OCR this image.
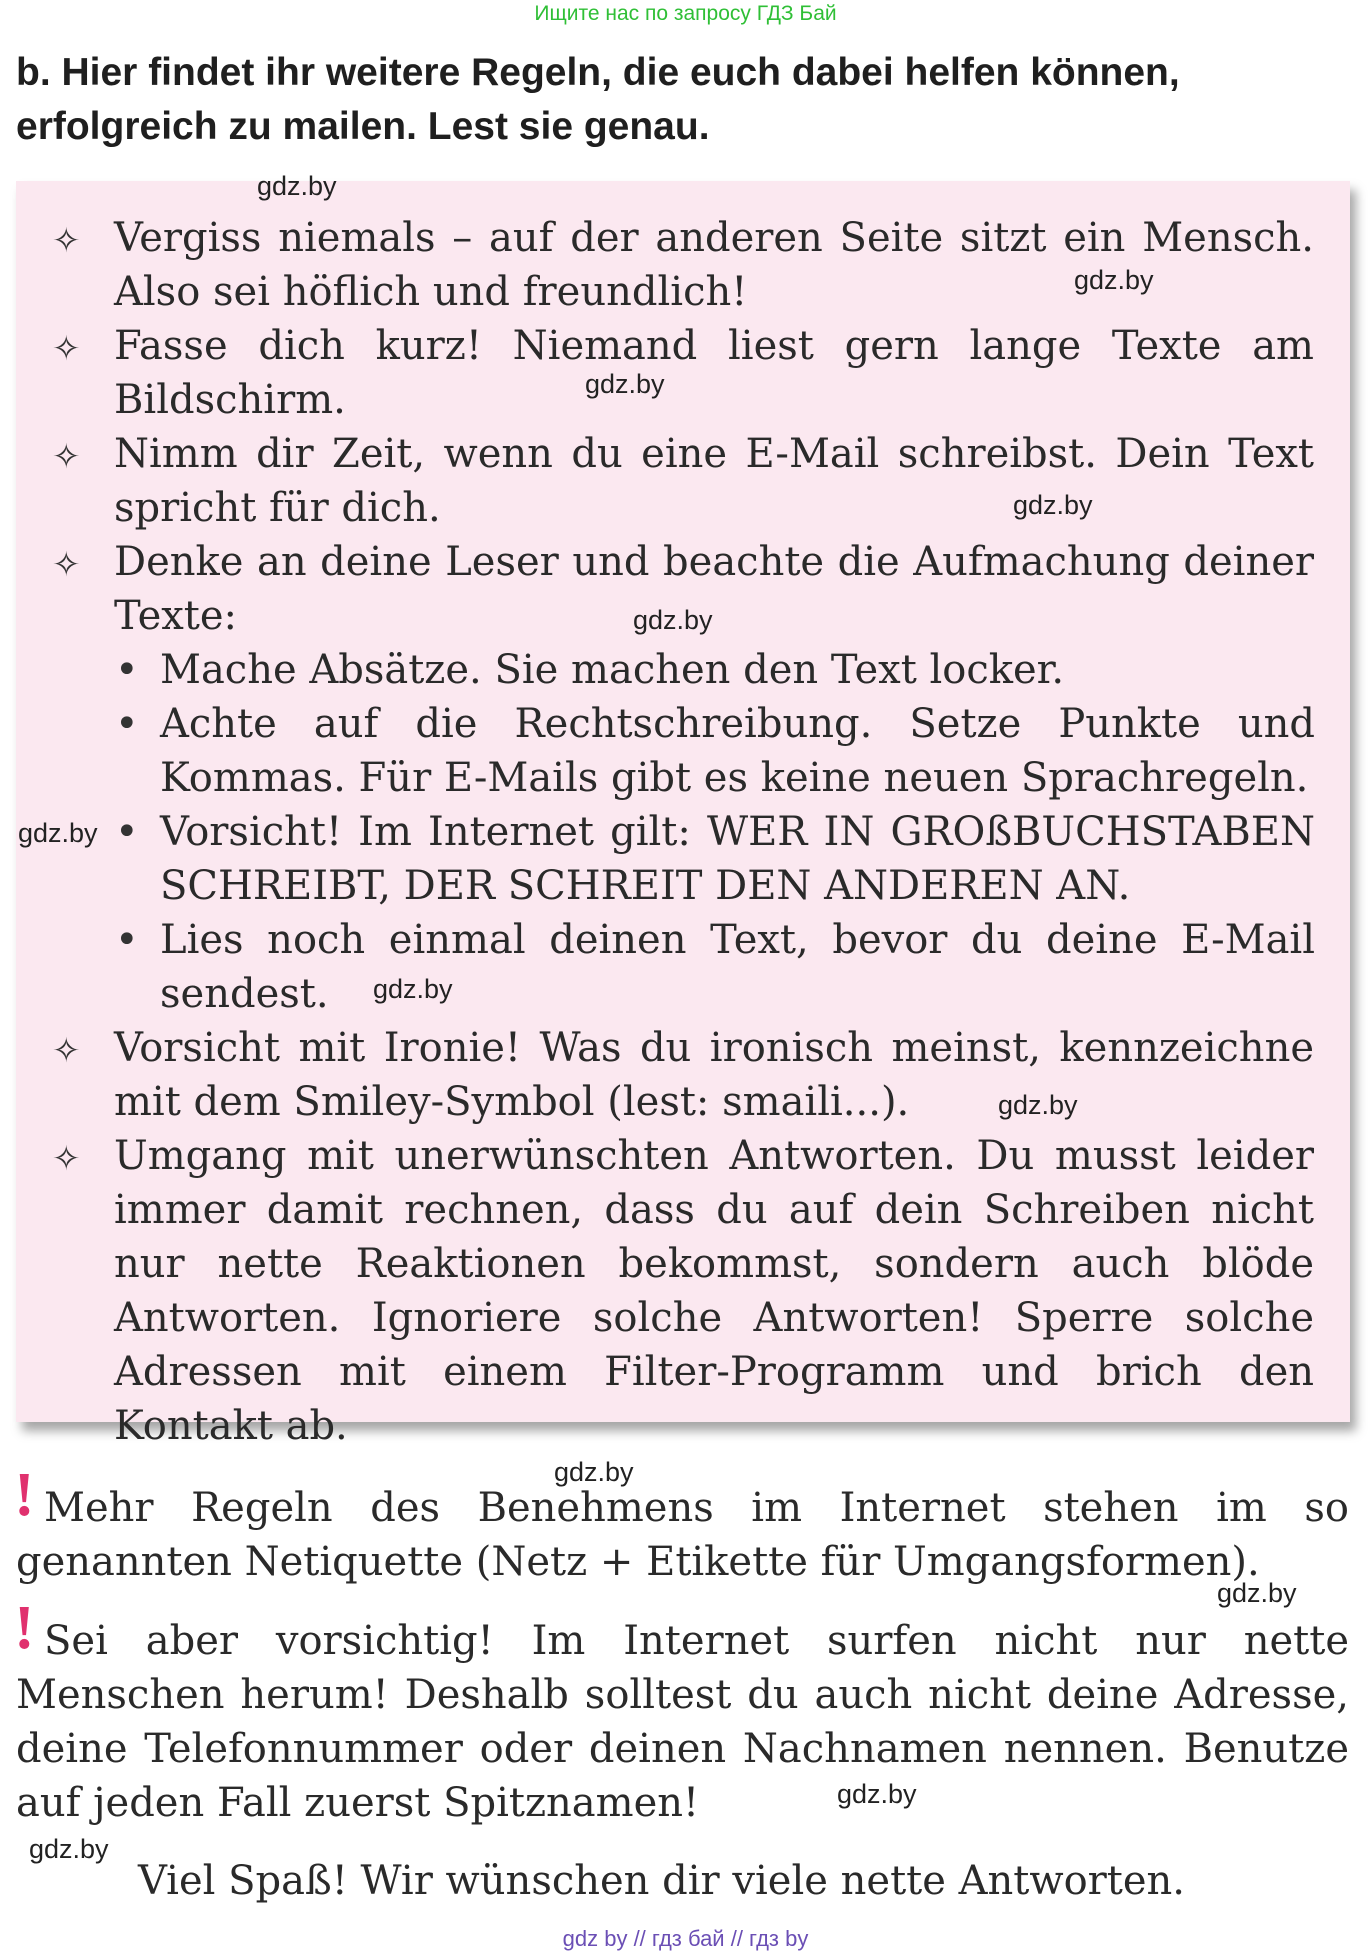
Ищите нас по запросу ГДЗ Бай
b. Hier findet ihr weitere Regeln, die euch dabei helfen können, erfolgreich zu mailen. Lest sie genau.
✧ Vergiss niemals – auf der anderen Seite sitzt ein Mensch. Also sei höflich und freundlich!
✧ Fasse dich kurz! Niemand liest gern lange Texte am Bildschirm.
✧ Nimm dir Zeit, wenn du eine E-Mail schreibst. Dein Text spricht für dich.
✧ Denke an deine Leser und beachte die Aufmachung deiner Texte:
• Mache Absätze. Sie machen den Text locker.
• Achte auf die Rechtschreibung. Setze Punkte und Kommas. Für E-Mails gibt es keine neuen Sprachregeln.
• Vorsicht! Im Internet gilt: WER IN GROßBUCHSTABEN SCHREIBT, DER SCHREIT DEN ANDEREN AN.
• Lies noch einmal deinen Text, bevor du deine E-Mail sendest.
✧ Vorsicht mit Ironie! Was du ironisch meinst, kennzeichne mit dem Smiley-Symbol (lest: smaili...).
✧ Umgang mit unerwünschten Antworten. Du musst leider immer damit rechnen, dass du auf dein Schreiben nicht nur nette Reaktionen bekommst, sondern auch blöde Antworten. Ignoriere solche Antworten! Sperre solche Adressen mit einem Filter-Programm und brich den Kontakt ab.
! Mehr Regeln des Benehmens im Internet stehen im so genannten Netiquette (Netz + Etikette für Umgangsformen).
! Sei aber vorsichtig! Im Internet surfen nicht nur nette Menschen herum! Deshalb solltest du auch nicht deine Adresse, deine Telefonnummer oder deinen Nachnamen nennen. Benutze auf jeden Fall zuerst Spitznamen!
Viel Spaß! Wir wünschen dir viele nette Antworten.
gdz.by
gdz.by
gdz.by
gdz.by
gdz.by
gdz.by
gdz.by
gdz.by
gdz.by
gdz.by
gdz.by
gdz.by
gdz by // гдз бай // гдз by
